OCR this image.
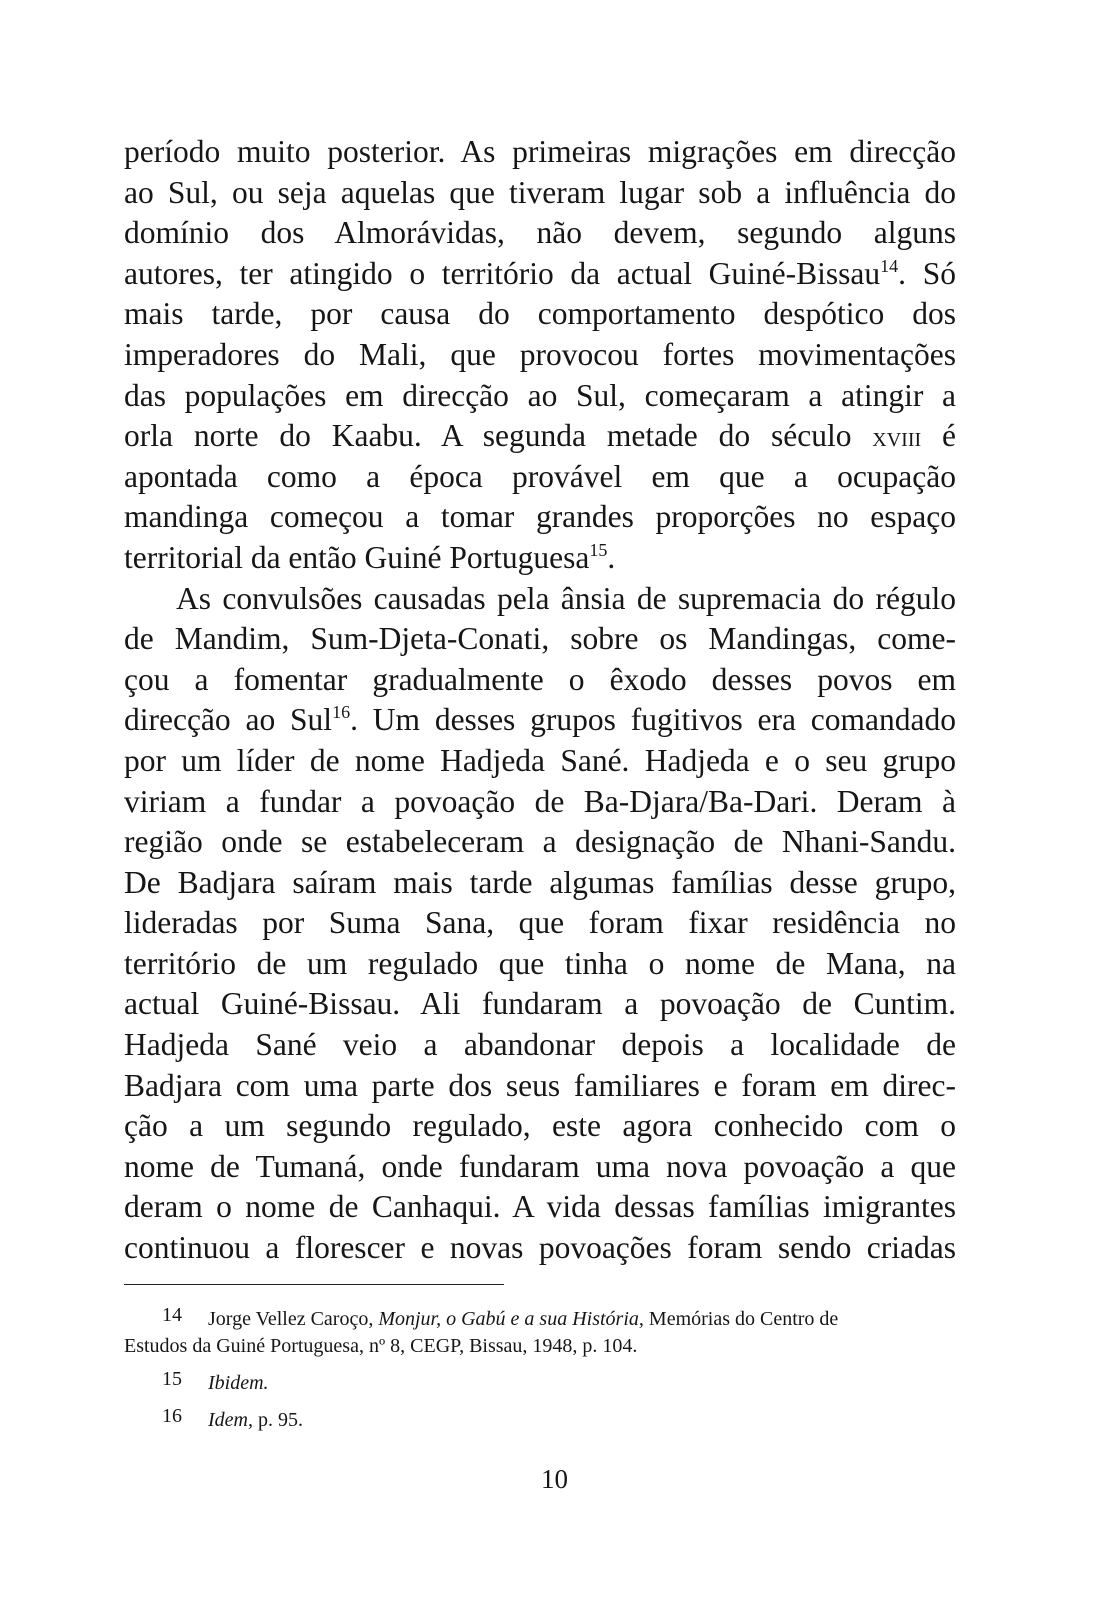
período muito posterior. As primeiras migrações em direcção
ao Sul, ou seja aquelas que tiveram lugar sob a influência do
domínio dos Almorávidas, não devem, segundo alguns
autores, ter atingido o território da actual Guiné-Bissau$^{14}$. Só
mais tarde, por causa do comportamento despótico dos
imperadores do Mali, que provocou fortes movimentações
das populações em direcção ao Sul, começaram a atingir a
orla norte do Kaabu. A segunda metade do século xviii é
apontada como a época provável em que a ocupação
mandinga começou a tomar grandes proporções no espaço
territorial da então Guiné Portuguesa$^{15}$.
As convulsões causadas pela ânsia de supremacia do régulo
de Mandim, Sum-Djeta-Conati, sobre os Mandingas, come-
çou a fomentar gradualmente o êxodo desses povos em
direcção ao Sul$^{16}$. Um desses grupos fugitivos era comandado
por um líder de nome Hadjeda Sané. Hadjeda e o seu grupo
viriam a fundar a povoação de Ba-Djara/Ba-Dari. Deram à
região onde se estabeleceram a designação de Nhani-Sandu.
De Badjara saíram mais tarde algumas famílias desse grupo,
lideradas por Suma Sana, que foram fixar residência no
território de um regulado que tinha o nome de Mana, na
actual Guiné-Bissau. Ali fundaram a povoação de Cuntim.
Hadjeda Sané veio a abandonar depois a localidade de
Badjara com uma parte dos seus familiares e foram em direc-
ção a um segundo regulado, este agora conhecido com o
nome de Tumaná, onde fundaram uma nova povoação a que
deram o nome de Canhaqui. A vida dessas famílias imigrantes
continuou a florescer e novas povoações foram sendo criadas
14 Jorge Vellez Caroço, Monjur, o Gabú e a sua História, Memórias do Centro de
Estudos da Guiné Portuguesa, nº 8, CEGP, Bissau, 1948, p. 104.
15 Ibidem.
16 Idem, p. 95.
10
